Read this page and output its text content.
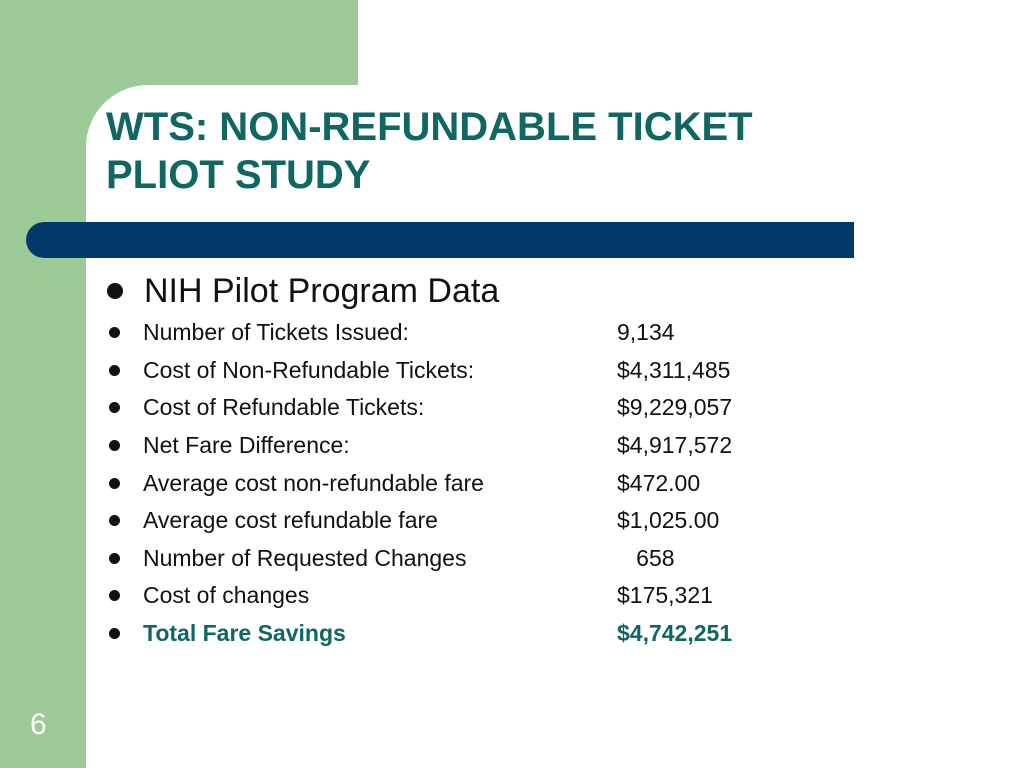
WTS: NON-REFUNDABLE TICKET
PLIOT STUDY
NIH Pilot Program Data
Number of Tickets Issued:	9,134
Cost of Non-Refundable Tickets:	$4,311,485
Cost of Refundable Tickets:	$9,229,057
Net Fare Difference:	$4,917,572
Average cost non-refundable fare	$472.00
Average cost refundable fare	$1,025.00
Number of Requested Changes	658
Cost of changes	$175,321
Total Fare Savings	$4,742,251
6
